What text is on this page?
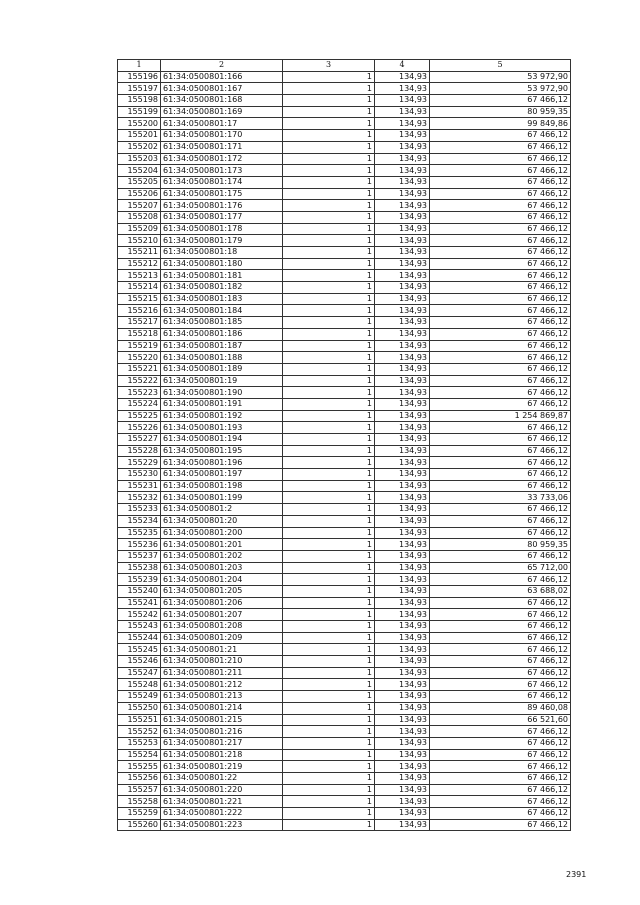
1	2	3	4	5
155196	61:34:0500801:166	1	134,93	53 972,90
155197	61:34:0500801:167	1	134,93	53 972,90
155198	61:34:0500801:168	1	134,93	67 466,12
155199	61:34:0500801:169	1	134,93	80 959,35
155200	61:34:0500801:17	1	134,93	99 849,86
155201	61:34:0500801:170	1	134,93	67 466,12
155202	61:34:0500801:171	1	134,93	67 466,12
155203	61:34:0500801:172	1	134,93	67 466,12
155204	61:34:0500801:173	1	134,93	67 466,12
155205	61:34:0500801:174	1	134,93	67 466,12
155206	61:34:0500801:175	1	134,93	67 466,12
155207	61:34:0500801:176	1	134,93	67 466,12
155208	61:34:0500801:177	1	134,93	67 466,12
155209	61:34:0500801:178	1	134,93	67 466,12
155210	61:34:0500801:179	1	134,93	67 466,12
155211	61:34:0500801:18	1	134,93	67 466,12
155212	61:34:0500801:180	1	134,93	67 466,12
155213	61:34:0500801:181	1	134,93	67 466,12
155214	61:34:0500801:182	1	134,93	67 466,12
155215	61:34:0500801:183	1	134,93	67 466,12
155216	61:34:0500801:184	1	134,93	67 466,12
155217	61:34:0500801:185	1	134,93	67 466,12
155218	61:34:0500801:186	1	134,93	67 466,12
155219	61:34:0500801:187	1	134,93	67 466,12
155220	61:34:0500801:188	1	134,93	67 466,12
155221	61:34:0500801:189	1	134,93	67 466,12
155222	61:34:0500801:19	1	134,93	67 466,12
155223	61:34:0500801:190	1	134,93	67 466,12
155224	61:34:0500801:191	1	134,93	67 466,12
155225	61:34:0500801:192	1	134,93	1 254 869,87
155226	61:34:0500801:193	1	134,93	67 466,12
155227	61:34:0500801:194	1	134,93	67 466,12
155228	61:34:0500801:195	1	134,93	67 466,12
155229	61:34:0500801:196	1	134,93	67 466,12
155230	61:34:0500801:197	1	134,93	67 466,12
155231	61:34:0500801:198	1	134,93	67 466,12
155232	61:34:0500801:199	1	134,93	33 733,06
155233	61:34:0500801:2	1	134,93	67 466,12
155234	61:34:0500801:20	1	134,93	67 466,12
155235	61:34:0500801:200	1	134,93	67 466,12
155236	61:34:0500801:201	1	134,93	80 959,35
155237	61:34:0500801:202	1	134,93	67 466,12
155238	61:34:0500801:203	1	134,93	65 712,00
155239	61:34:0500801:204	1	134,93	67 466,12
155240	61:34:0500801:205	1	134,93	63 688,02
155241	61:34:0500801:206	1	134,93	67 466,12
155242	61:34:0500801:207	1	134,93	67 466,12
155243	61:34:0500801:208	1	134,93	67 466,12
155244	61:34:0500801:209	1	134,93	67 466,12
155245	61:34:0500801:21	1	134,93	67 466,12
155246	61:34:0500801:210	1	134,93	67 466,12
155247	61:34:0500801:211	1	134,93	67 466,12
155248	61:34:0500801:212	1	134,93	67 466,12
155249	61:34:0500801:213	1	134,93	67 466,12
155250	61:34:0500801:214	1	134,93	89 460,08
155251	61:34:0500801:215	1	134,93	66 521,60
155252	61:34:0500801:216	1	134,93	67 466,12
155253	61:34:0500801:217	1	134,93	67 466,12
155254	61:34:0500801:218	1	134,93	67 466,12
155255	61:34:0500801:219	1	134,93	67 466,12
155256	61:34:0500801:22	1	134,93	67 466,12
155257	61:34:0500801:220	1	134,93	67 466,12
155258	61:34:0500801:221	1	134,93	67 466,12
155259	61:34:0500801:222	1	134,93	67 466,12
155260	61:34:0500801:223	1	134,93	67 466,12
2391
